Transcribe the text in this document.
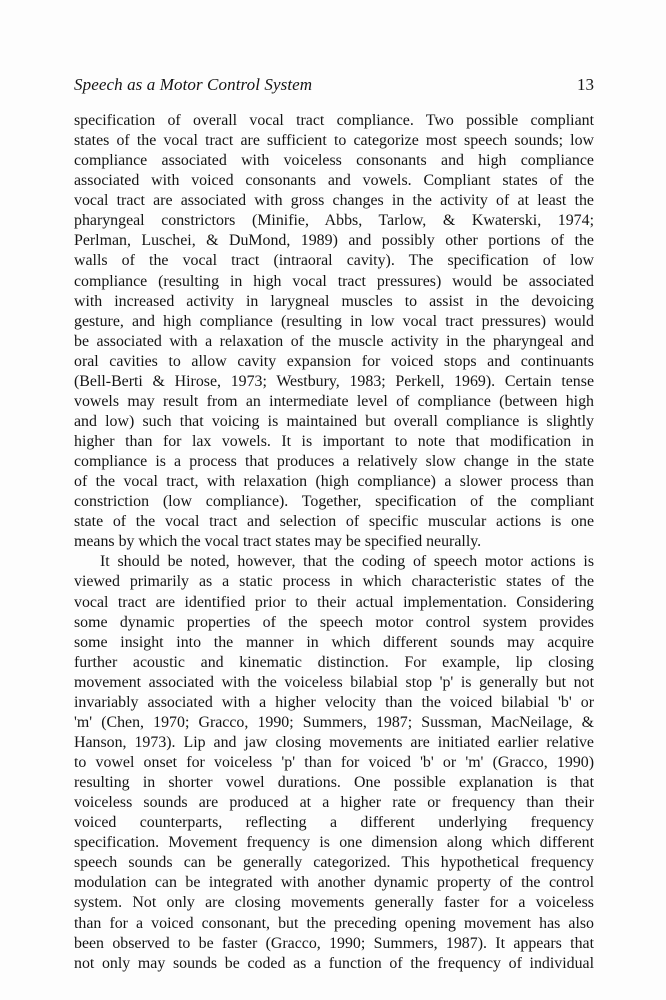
Speech as a Motor Control System	13
specification of overall vocal tract compliance. Two possible compliant
states of the vocal tract are sufficient to categorize most speech sounds; low
compliance associated with voiceless consonants and high compliance
associated with voiced consonants and vowels. Compliant states of the
vocal tract are associated with gross changes in the activity of at least the
pharyngeal constrictors (Minifie, Abbs, Tarlow, & Kwaterski, 1974;
Perlman, Luschei, & DuMond, 1989) and possibly other portions of the
walls of the vocal tract (intraoral cavity). The specification of low
compliance (resulting in high vocal tract pressures) would be associated
with increased activity in larygneal muscles to assist in the devoicing
gesture, and high compliance (resulting in low vocal tract pressures) would
be associated with a relaxation of the muscle activity in the pharyngeal and
oral cavities to allow cavity expansion for voiced stops and continuants
(Bell-Berti & Hirose, 1973; Westbury, 1983; Perkell, 1969). Certain tense
vowels may result from an intermediate level of compliance (between high
and low) such that voicing is maintained but overall compliance is slightly
higher than for lax vowels. It is important to note that modification in
compliance is a process that produces a relatively slow change in the state
of the vocal tract, with relaxation (high compliance) a slower process than
constriction (low compliance). Together, specification of the compliant
state of the vocal tract and selection of specific muscular actions is one
means by which the vocal tract states may be specified neurally.
It should be noted, however, that the coding of speech motor actions is
viewed primarily as a static process in which characteristic states of the
vocal tract are identified prior to their actual implementation. Considering
some dynamic properties of the speech motor control system provides
some insight into the manner in which different sounds may acquire
further acoustic and kinematic distinction. For example, lip closing
movement associated with the voiceless bilabial stop 'p' is generally but not
invariably associated with a higher velocity than the voiced bilabial 'b' or
'm' (Chen, 1970; Gracco, 1990; Summers, 1987; Sussman, MacNeilage, &
Hanson, 1973). Lip and jaw closing movements are initiated earlier relative
to vowel onset for voiceless 'p' than for voiced 'b' or 'm' (Gracco, 1990)
resulting in shorter vowel durations. One possible explanation is that
voiceless sounds are produced at a higher rate or frequency than their
voiced counterparts, reflecting a different underlying frequency
specification. Movement frequency is one dimension along which different
speech sounds can be generally categorized. This hypothetical frequency
modulation can be integrated with another dynamic property of the control
system. Not only are closing movements generally faster for a voiceless
than for a voiced consonant, but the preceding opening movement has also
been observed to be faster (Gracco, 1990; Summers, 1987). It appears that
not only may sounds be coded as a function of the frequency of individual
